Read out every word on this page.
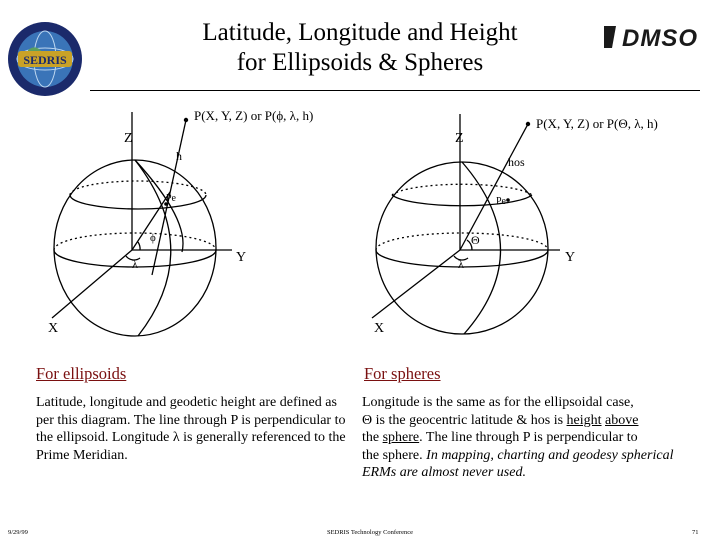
SEDRIS
DMSO
Latitude, Longitude and Height
for Ellipsoids & Spheres
P(X, Y, Z) or P(ϕ, λ, h)
Z
Y
X
h
Pe
ϕ
λ
P(X, Y, Z) or P(Θ, λ, h)
Z
Y
X
hos
Pe
Θ
λ
For ellipsoids
Latitude, longitude and geodetic height are defined as per this diagram. The line through P is perpendicular to the ellipsoid. Longitude λ is generally referenced to the Prime Meridian.
For spheres
Longitude is the same as for the ellipsoidal case,
Θ is the geocentric latitude & hos is height above
the sphere. The line through P is perpendicular to
the sphere. In mapping, charting and geodesy spherical ERMs are almost never used.
9/29/99	SEDRIS Technology Conference	71
